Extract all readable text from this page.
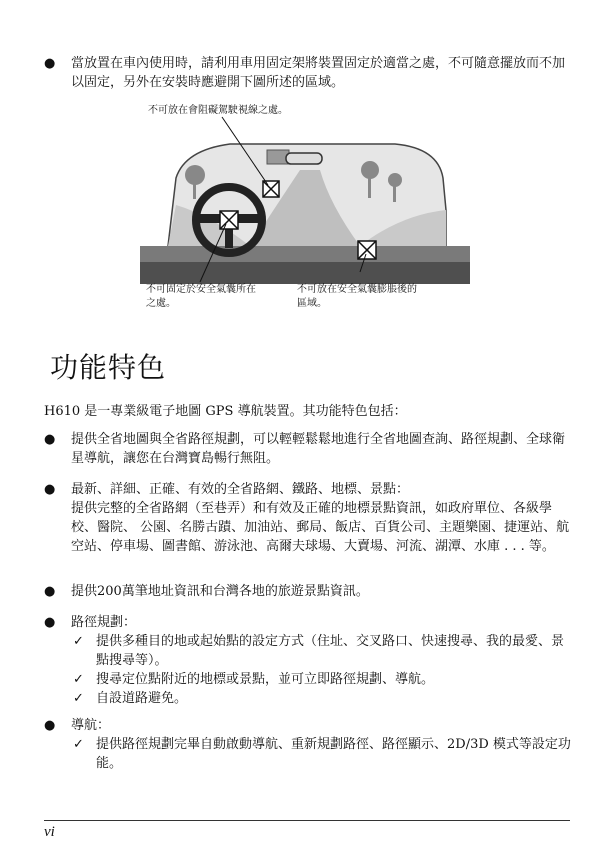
● 當放置在車內使用時，請利用車用固定架將裝置固定於適當之處，不可隨意擺放而不加以固定，另外在安裝時應避開下圖所述的區域。
不可放在會阻礙駕駛視線之處。
不可固定於安全氣囊所在
之處。
不可放在安全氣囊膨脹後的
區域。
功能特色
H610 是一專業級電子地圖 GPS 導航裝置。其功能特色包括：
● 提供全省地圖與全省路徑規劃，可以輕輕鬆鬆地進行全省地圖查詢、路徑規劃、全球衛星導航，讓您在台灣寶島暢行無阻。
● 最新、詳細、正確、有效的全省路網、鐵路、地標、景點：
提供完整的全省路網（至巷弄）和有效及正確的地標景點資訊，如政府單位、各級學校、醫院、 公園、名勝古蹟、加油站、郵局、飯店、百貨公司、主題樂園、捷運站、航空站、停車場、圖書館、游泳池、高爾夫球場、大賣場、河流、湖潭、水庫 . . . 等。
● 提供200萬筆地址資訊和台灣各地的旅遊景點資訊。
● 路徑規劃：
✓ 提供多種目的地或起始點的設定方式（住址、交叉路口、快速搜尋、我的最愛、景點搜尋等）。
✓ 搜尋定位點附近的地標或景點，並可立即路徑規劃、導航。
✓ 自設道路避免。
● 導航：
✓ 提供路徑規劃完畢自動啟動導航、重新規劃路徑、路徑顯示、2D/3D 模式等設定功能。
vi
